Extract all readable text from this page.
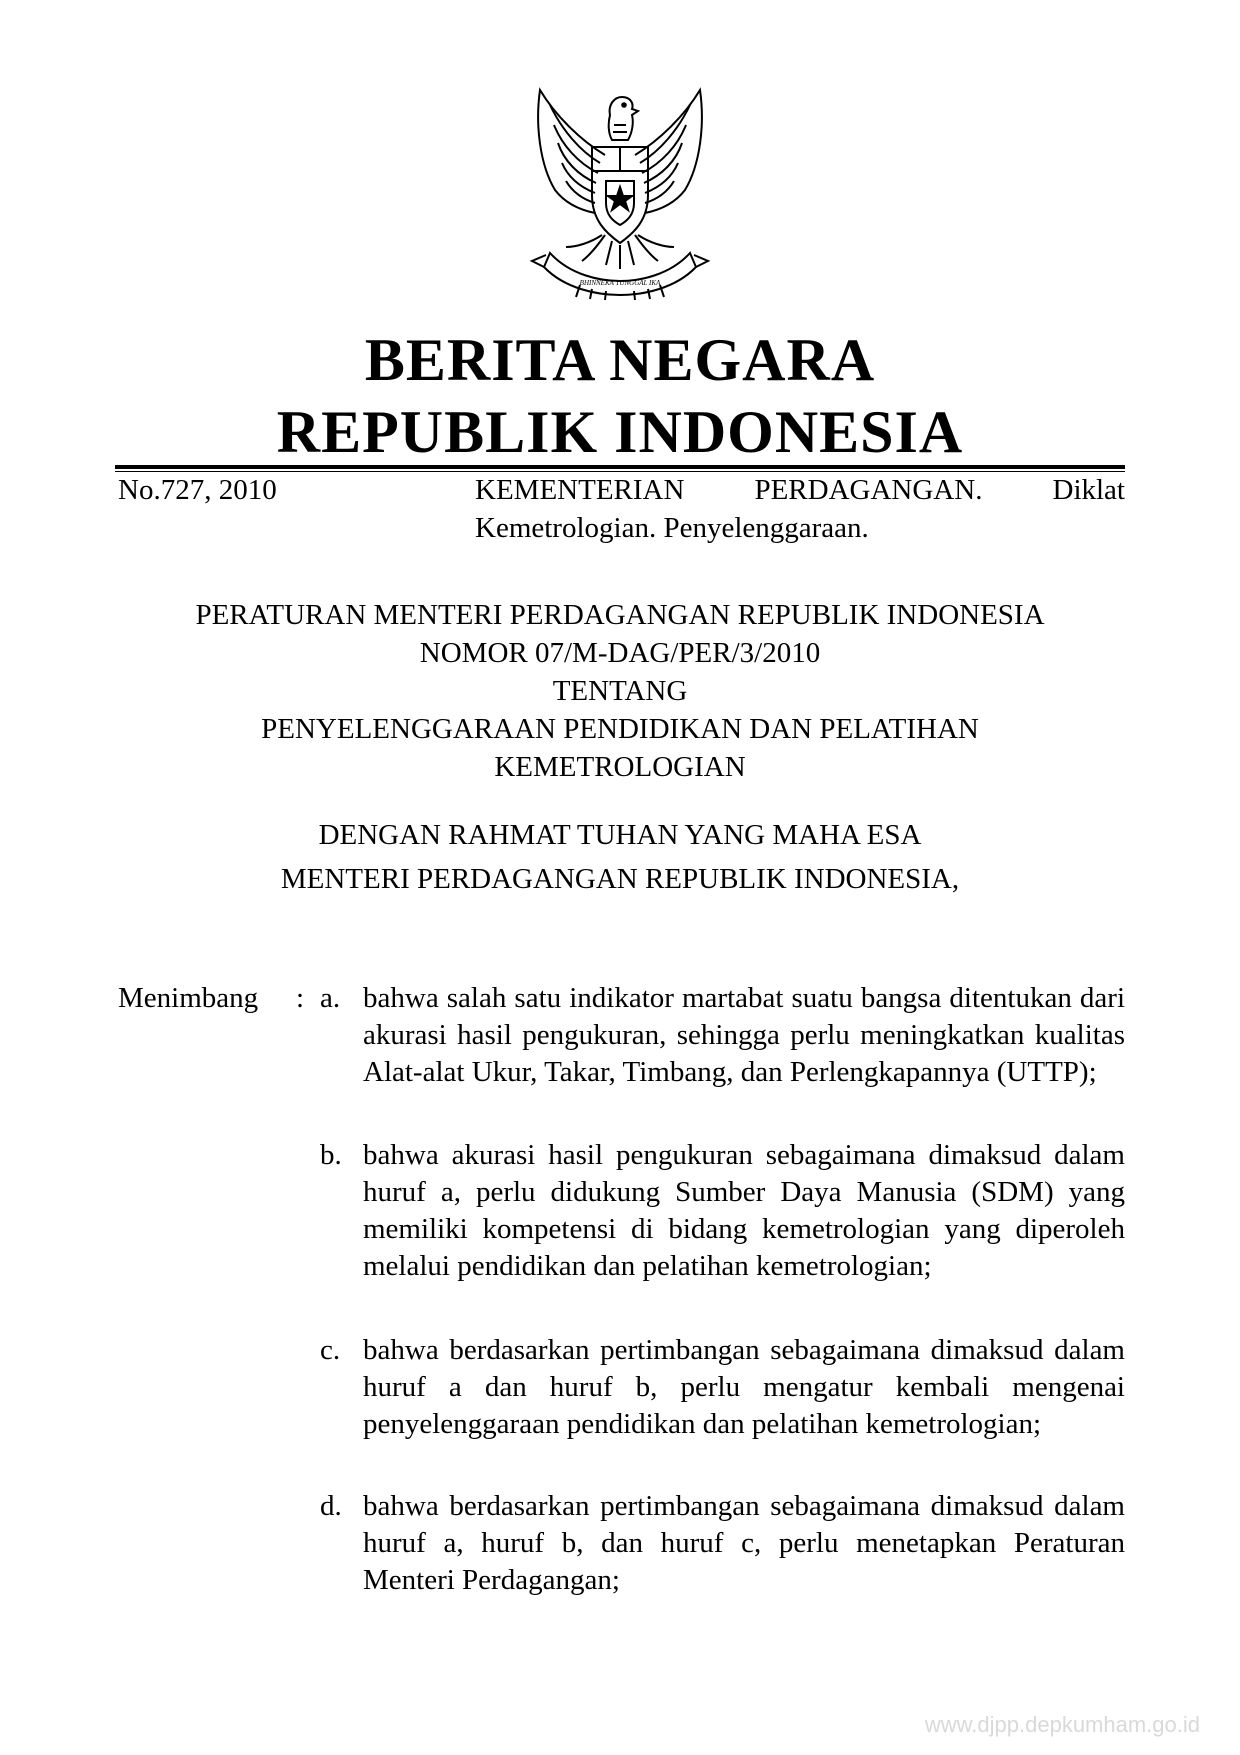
BHINNEKA TUNGGAL IKA
BERITA NEGARA
REPUBLIK INDONESIA
No.727, 2010	KEMENTERIAN PERDAGANGAN. Diklat
Kemetrologian. Penyelenggaraan.
PERATURAN MENTERI PERDAGANGAN REPUBLIK INDONESIA
NOMOR 07/M-DAG/PER/3/2010
TENTANG
PENYELENGGARAAN PENDIDIKAN DAN PELATIHAN
KEMETROLOGIAN
DENGAN RAHMAT TUHAN YANG MAHA ESA
MENTERI PERDAGANGAN REPUBLIK INDONESIA,
Menimbang : a. bahwa salah satu indikator martabat suatu bangsa ditentukan dari akurasi hasil pengukuran, sehingga perlu meningkatkan kualitas Alat-alat Ukur, Takar, Timbang, dan Perlengkapannya (UTTP);
b. bahwa akurasi hasil pengukuran sebagaimana dimaksud dalam huruf a, perlu didukung Sumber Daya Manusia (SDM) yang memiliki kompetensi di bidang kemetrologian yang diperoleh melalui pendidikan dan pelatihan kemetrologian;
c. bahwa berdasarkan pertimbangan sebagaimana dimaksud dalam huruf a dan huruf b, perlu mengatur kembali mengenai penyelenggaraan pendidikan dan pelatihan kemetrologian;
d. bahwa berdasarkan pertimbangan sebagaimana dimaksud dalam huruf a, huruf b, dan huruf c, perlu menetapkan Peraturan Menteri Perdagangan;
www.djpp.depkumham.go.id
